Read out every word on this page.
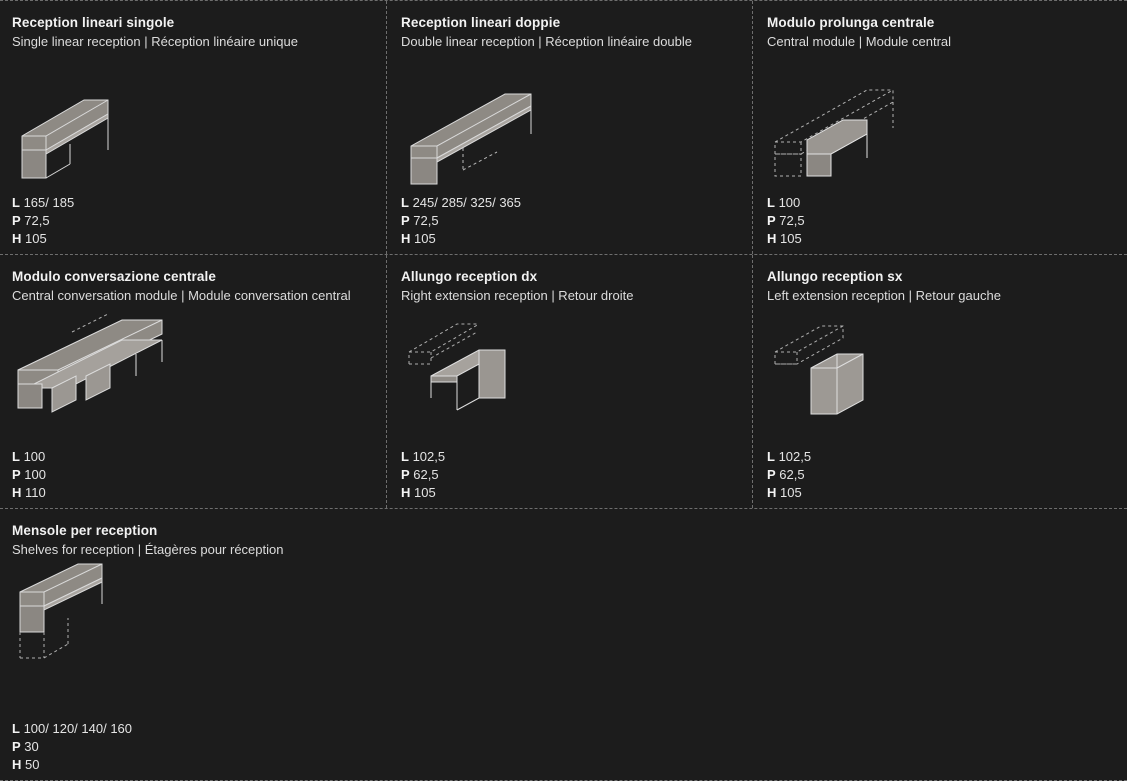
Reception lineari singole
Single linear reception | Réception linéaire unique
L 165/ 185
P 72,5
H 105
Reception lineari doppie
Double linear reception | Réception linéaire double
L 245/ 285/ 325/ 365
P 72,5
H 105
Modulo prolunga centrale
Central module | Module central
L 100
P 72,5
H 105
Modulo conversazione centrale
Central conversation module | Module conversation central
L 100
P 100
H 110
Allungo reception dx
Right extension reception | Retour droite
L 102,5
P 62,5
H 105
Allungo reception sx
Left extension reception | Retour gauche
L 102,5
P 62,5
H 105
Mensole per reception
Shelves for reception | Étagères pour réception
L 100/ 120/ 140/ 160
P 30
H 50
